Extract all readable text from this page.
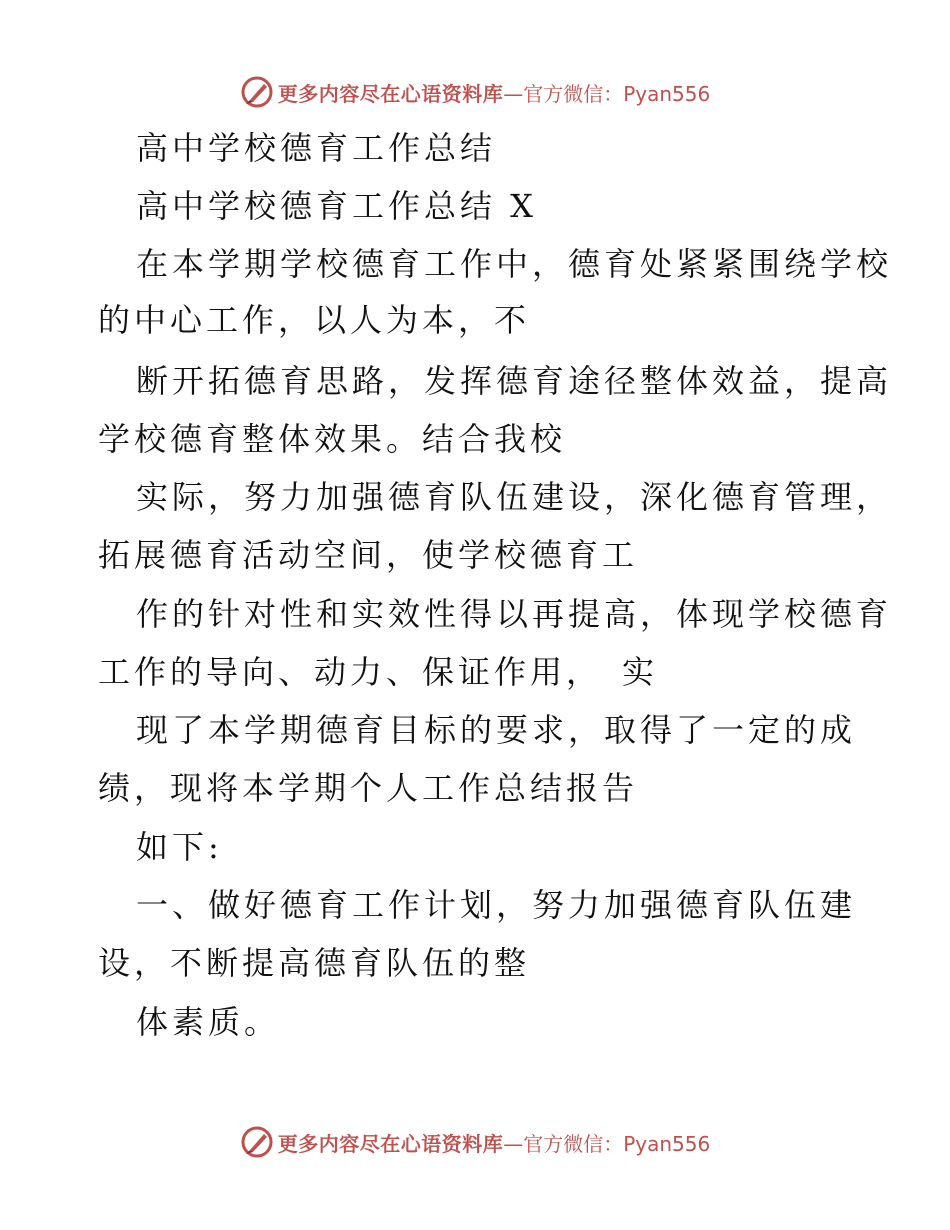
更多内容尽在心语资料库 —官方微信：Pyan556
高中学校德育工作总结
高中学校德育工作总结 X
在本学期学校德育工作中，德育处紧紧围绕学校
的中心工作，以人为本，不
断开拓德育思路，发挥德育途径整体效益，提高
学校德育整体效果。结合我校
实际，努力加强德育队伍建设，深化德育管理，
拓展德育活动空间，使学校德育工
作的针对性和实效性得以再提高，体现学校德育
工作的导向、动力、保证作用，　实
现了本学期德育目标的要求，取得了一定的成
绩，现将本学期个人工作总结报告
如下:
一、做好德育工作计划，努力加强德育队伍建
设，不断提高德育队伍的整
体素质。
更多内容尽在心语资料库 —官方微信：Pyan556
